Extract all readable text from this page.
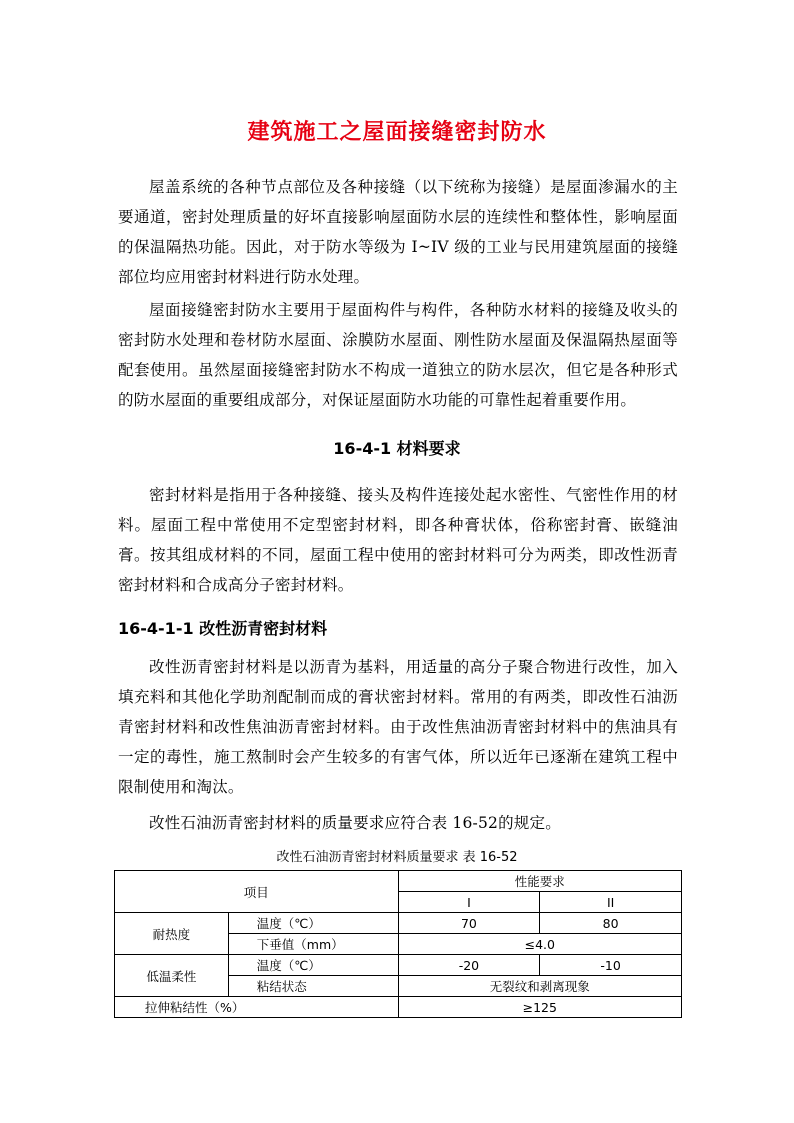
建筑施工之屋面接缝密封防水
屋盖系统的各种节点部位及各种接缝（以下统称为接缝）是屋面渗漏水的主要通道，密封处理质量的好坏直接影响屋面防水层的连续性和整体性，影响屋面的保温隔热功能。因此，对于防水等级为 I~IV 级的工业与民用建筑屋面的接缝部位均应用密封材料进行防水处理。
屋面接缝密封防水主要用于屋面构件与构件，各种防水材料的接缝及收头的密封防水处理和卷材防水屋面、涂膜防水屋面、刚性防水屋面及保温隔热屋面等配套使用。虽然屋面接缝密封防水不构成一道独立的防水层次，但它是各种形式的防水屋面的重要组成部分，对保证屋面防水功能的可靠性起着重要作用。
16-4-1 材料要求
密封材料是指用于各种接缝、接头及构件连接处起水密性、气密性作用的材料。屋面工程中常使用不定型密封材料，即各种膏状体，俗称密封膏、嵌缝油膏。按其组成材料的不同，屋面工程中使用的密封材料可分为两类，即改性沥青密封材料和合成高分子密封材料。
16-4-1-1 改性沥青密封材料
改性沥青密封材料是以沥青为基料，用适量的高分子聚合物进行改性，加入填充料和其他化学助剂配制而成的膏状密封材料。常用的有两类，即改性石油沥青密封材料和改性焦油沥青密封材料。由于改性焦油沥青密封材料中的焦油具有一定的毒性，施工熬制时会产生较多的有害气体，所以近年已逐渐在建筑工程中限制使用和淘汰。
改性石油沥青密封材料的质量要求应符合表 16-52的规定。
改性石油沥青密封材料质量要求 表 16-52
项目		性能要求	
		I	II
耐热度	温度（℃）	70	80
	下垂值（mm）	≤4.0	
低温柔性	温度（℃）	-20	-10
	粘结状态	无裂纹和剥离现象	
拉伸粘结性（%）		≥125	
